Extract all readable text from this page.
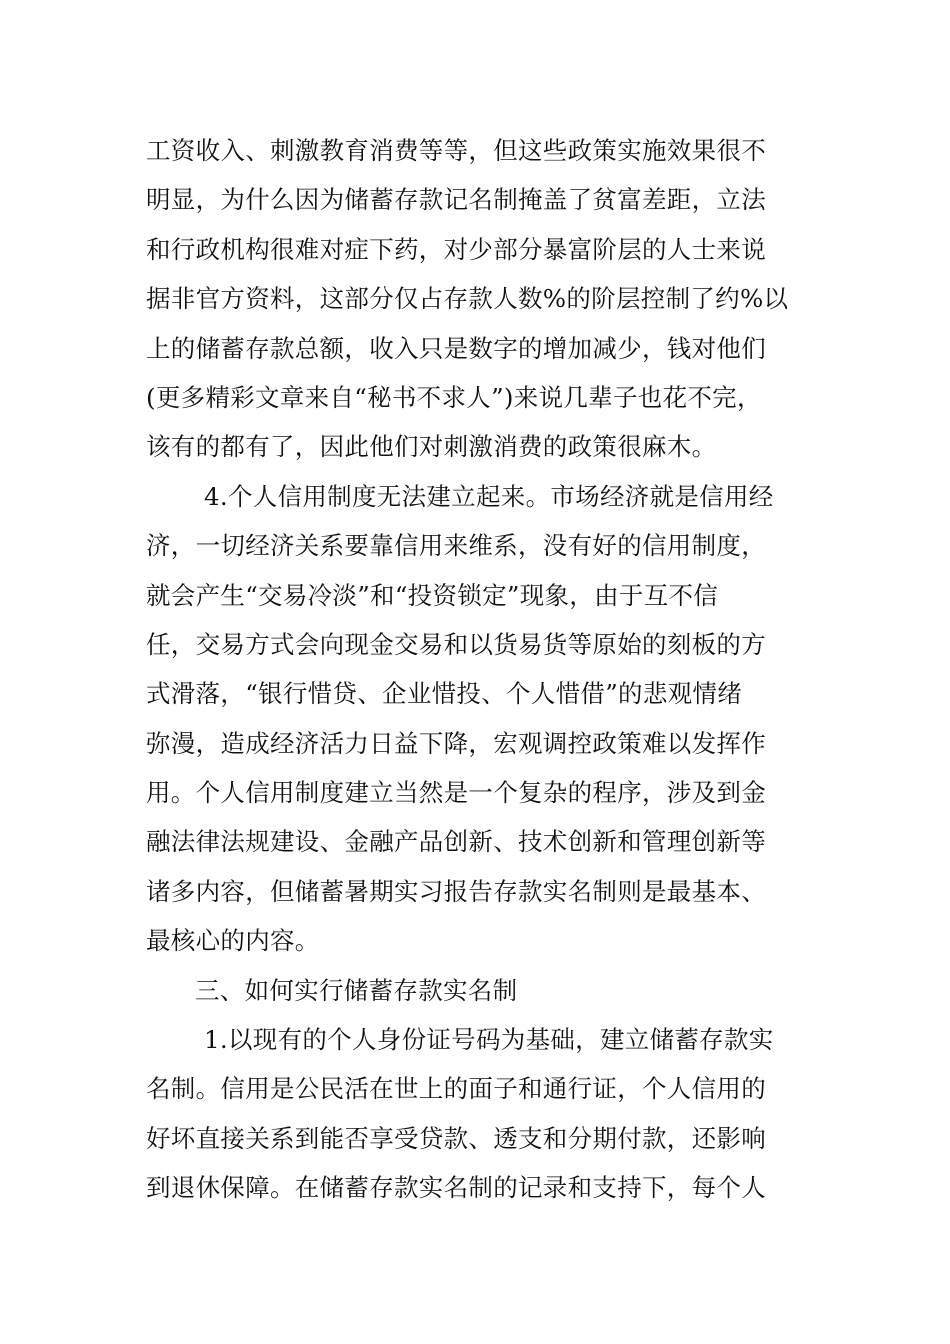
工资收入、刺激教育消费等等，但这些政策实施效果很不
明显，为什么因为储蓄存款记名制掩盖了贫富差距，立法
和行政机构很难对症下药，对少部分暴富阶层的人士来说
据非官方资料，这部分仅占存款人数%的阶层控制了约%以
上的储蓄存款总额，收入只是数字的增加减少，钱对他们
(更多精彩文章来自“秘书不求人”)来说几辈子也花不完，
该有的都有了，因此他们对刺激消费的政策很麻木。
4.个人信用制度无法建立起来。市场经济就是信用经
济，一切经济关系要靠信用来维系，没有好的信用制度，
就会产生“交易冷淡”和“投资锁定”现象，由于互不信
任，交易方式会向现金交易和以货易货等原始的刻板的方
式滑落，“银行惜贷、企业惜投、个人惜借”的悲观情绪
弥漫，造成经济活力日益下降，宏观调控政策难以发挥作
用。个人信用制度建立当然是一个复杂的程序，涉及到金
融法律法规建设、金融产品创新、技术创新和管理创新等
诸多内容，但储蓄暑期实习报告存款实名制则是最基本、
最核心的内容。
三、如何实行储蓄存款实名制
1.以现有的个人身份证号码为基础，建立储蓄存款实
名制。信用是公民活在世上的面子和通行证，个人信用的
好坏直接关系到能否享受贷款、透支和分期付款，还影响
到退休保障。在储蓄存款实名制的记录和支持下，每个人
